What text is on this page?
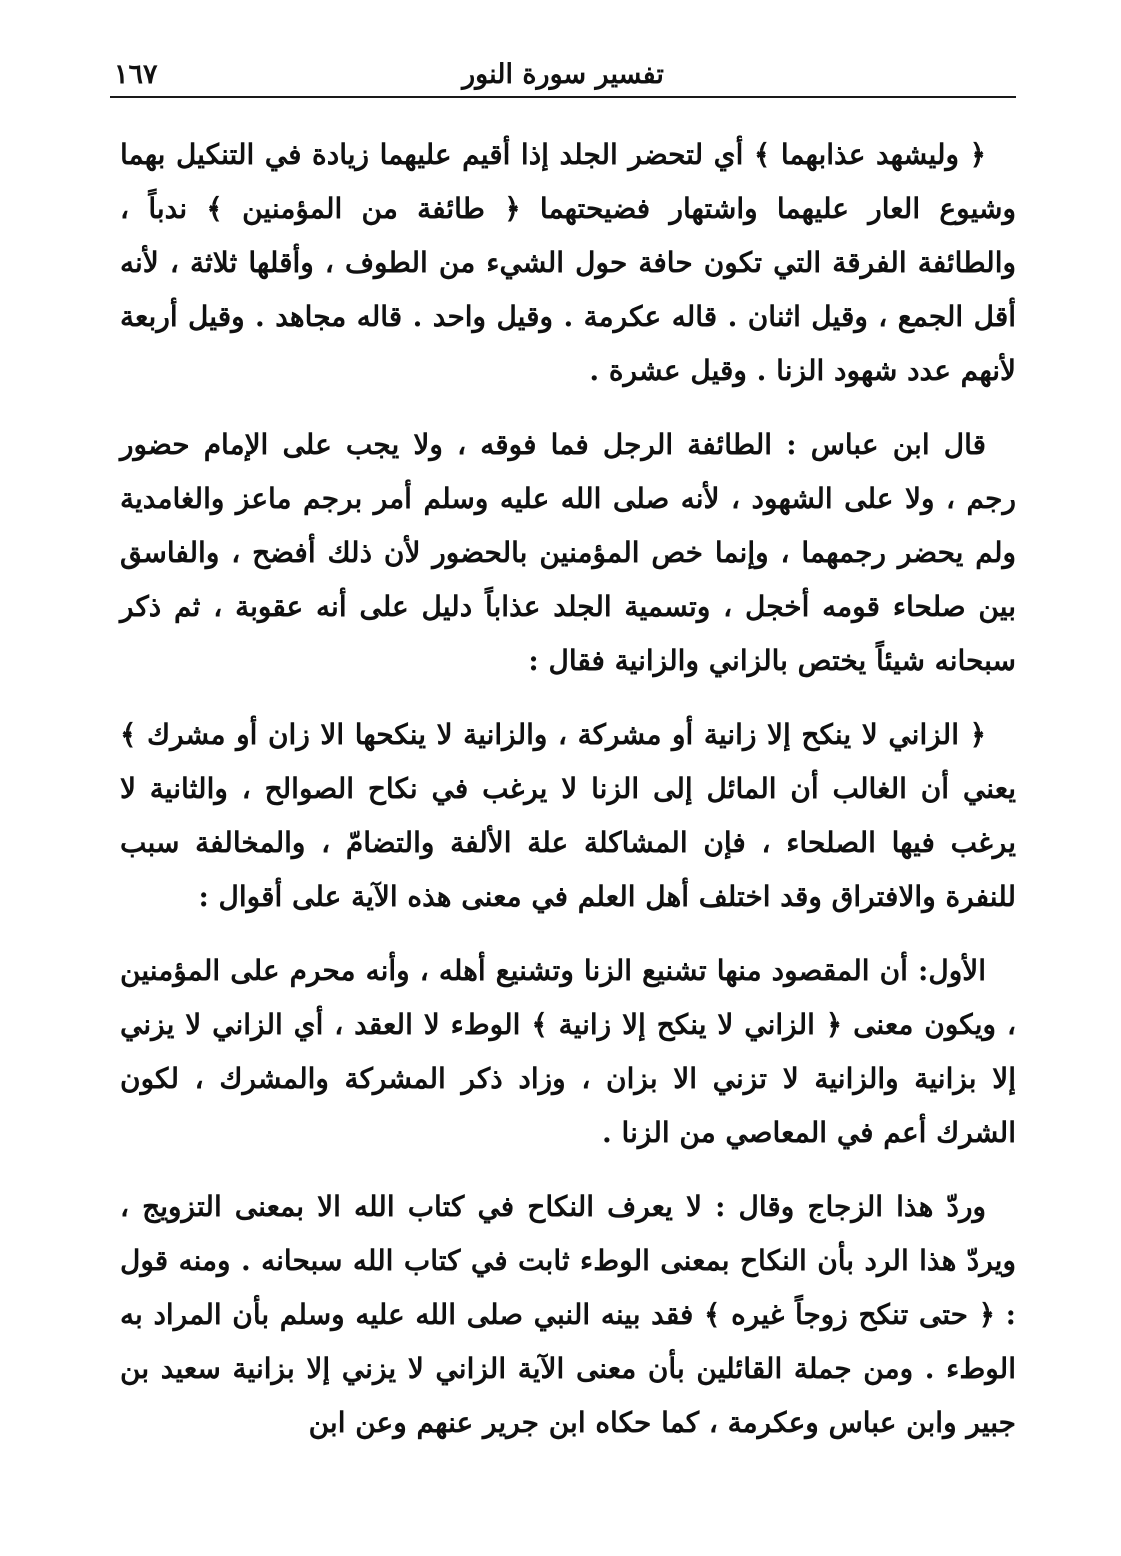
تفسير سورة النور
١٦٧

﴿ وليشهد عذابهما ﴾ أي لتحضر الجلد إذا أقيم عليهما زيادة في التنكيل بهما وشيوع العار عليهما واشتهار فضيحتهما ﴿ طائفة من المؤمنين ﴾ ندباً ، والطائفة الفرقة التي تكون حافة حول الشيء من الطوف ، وأقلها ثلاثة ، لأنه أقل الجمع ، وقيل اثنان . قاله عكرمة . وقيل واحد . قاله مجاهد . وقيل أربعة لأنهم عدد شهود الزنا . وقيل عشرة .

قال ابن عباس : الطائفة الرجل فما فوقه ، ولا يجب على الإمام حضور رجم ، ولا على الشهود ، لأنه صلى الله عليه وسلم أمر برجم ماعز والغامدية ولم يحضر رجمهما ، وإنما خص المؤمنين بالحضور لأن ذلك أفضح ، والفاسق بين صلحاء قومه أخجل ، وتسمية الجلد عذاباً دليل على أنه عقوبة ، ثم ذكر سبحانه شيئاً يختص بالزاني والزانية فقال :

﴿ الزاني لا ينكح إلا زانية أو مشركة ، والزانية لا ينكحها الا زان أو مشرك ﴾ يعني أن الغالب أن المائل إلى الزنا لا يرغب في نكاح الصوالح ، والثانية لا يرغب فيها الصلحاء ، فإن المشاكلة علة الألفة والتضامّ ، والمخالفة سبب للنفرة والافتراق وقد اختلف أهل العلم في معنى هذه الآية على أقوال :

الأول: أن المقصود منها تشنيع الزنا وتشنيع أهله ، وأنه محرم على المؤمنين ، ويكون معنى ﴿ الزاني لا ينكح إلا زانية ﴾ الوطء لا العقد ، أي الزاني لا يزني إلا بزانية والزانية لا تزني الا بزان ، وزاد ذكر المشركة والمشرك ، لكون الشرك أعم في المعاصي من الزنا .

وردّ هذا الزجاج وقال : لا يعرف النكاح في كتاب الله الا بمعنى التزويج ، ويردّ هذا الرد بأن النكاح بمعنى الوطء ثابت في كتاب الله سبحانه . ومنه قول : ﴿ حتى تنكح زوجاً غيره ﴾ فقد بينه النبي صلى الله عليه وسلم بأن المراد به الوطء . ومن جملة القائلين بأن معنى الآية الزاني لا يزني إلا بزانية سعيد بن جبير وابن عباس وعكرمة ، كما حكاه ابن جرير عنهم وعن ابن
